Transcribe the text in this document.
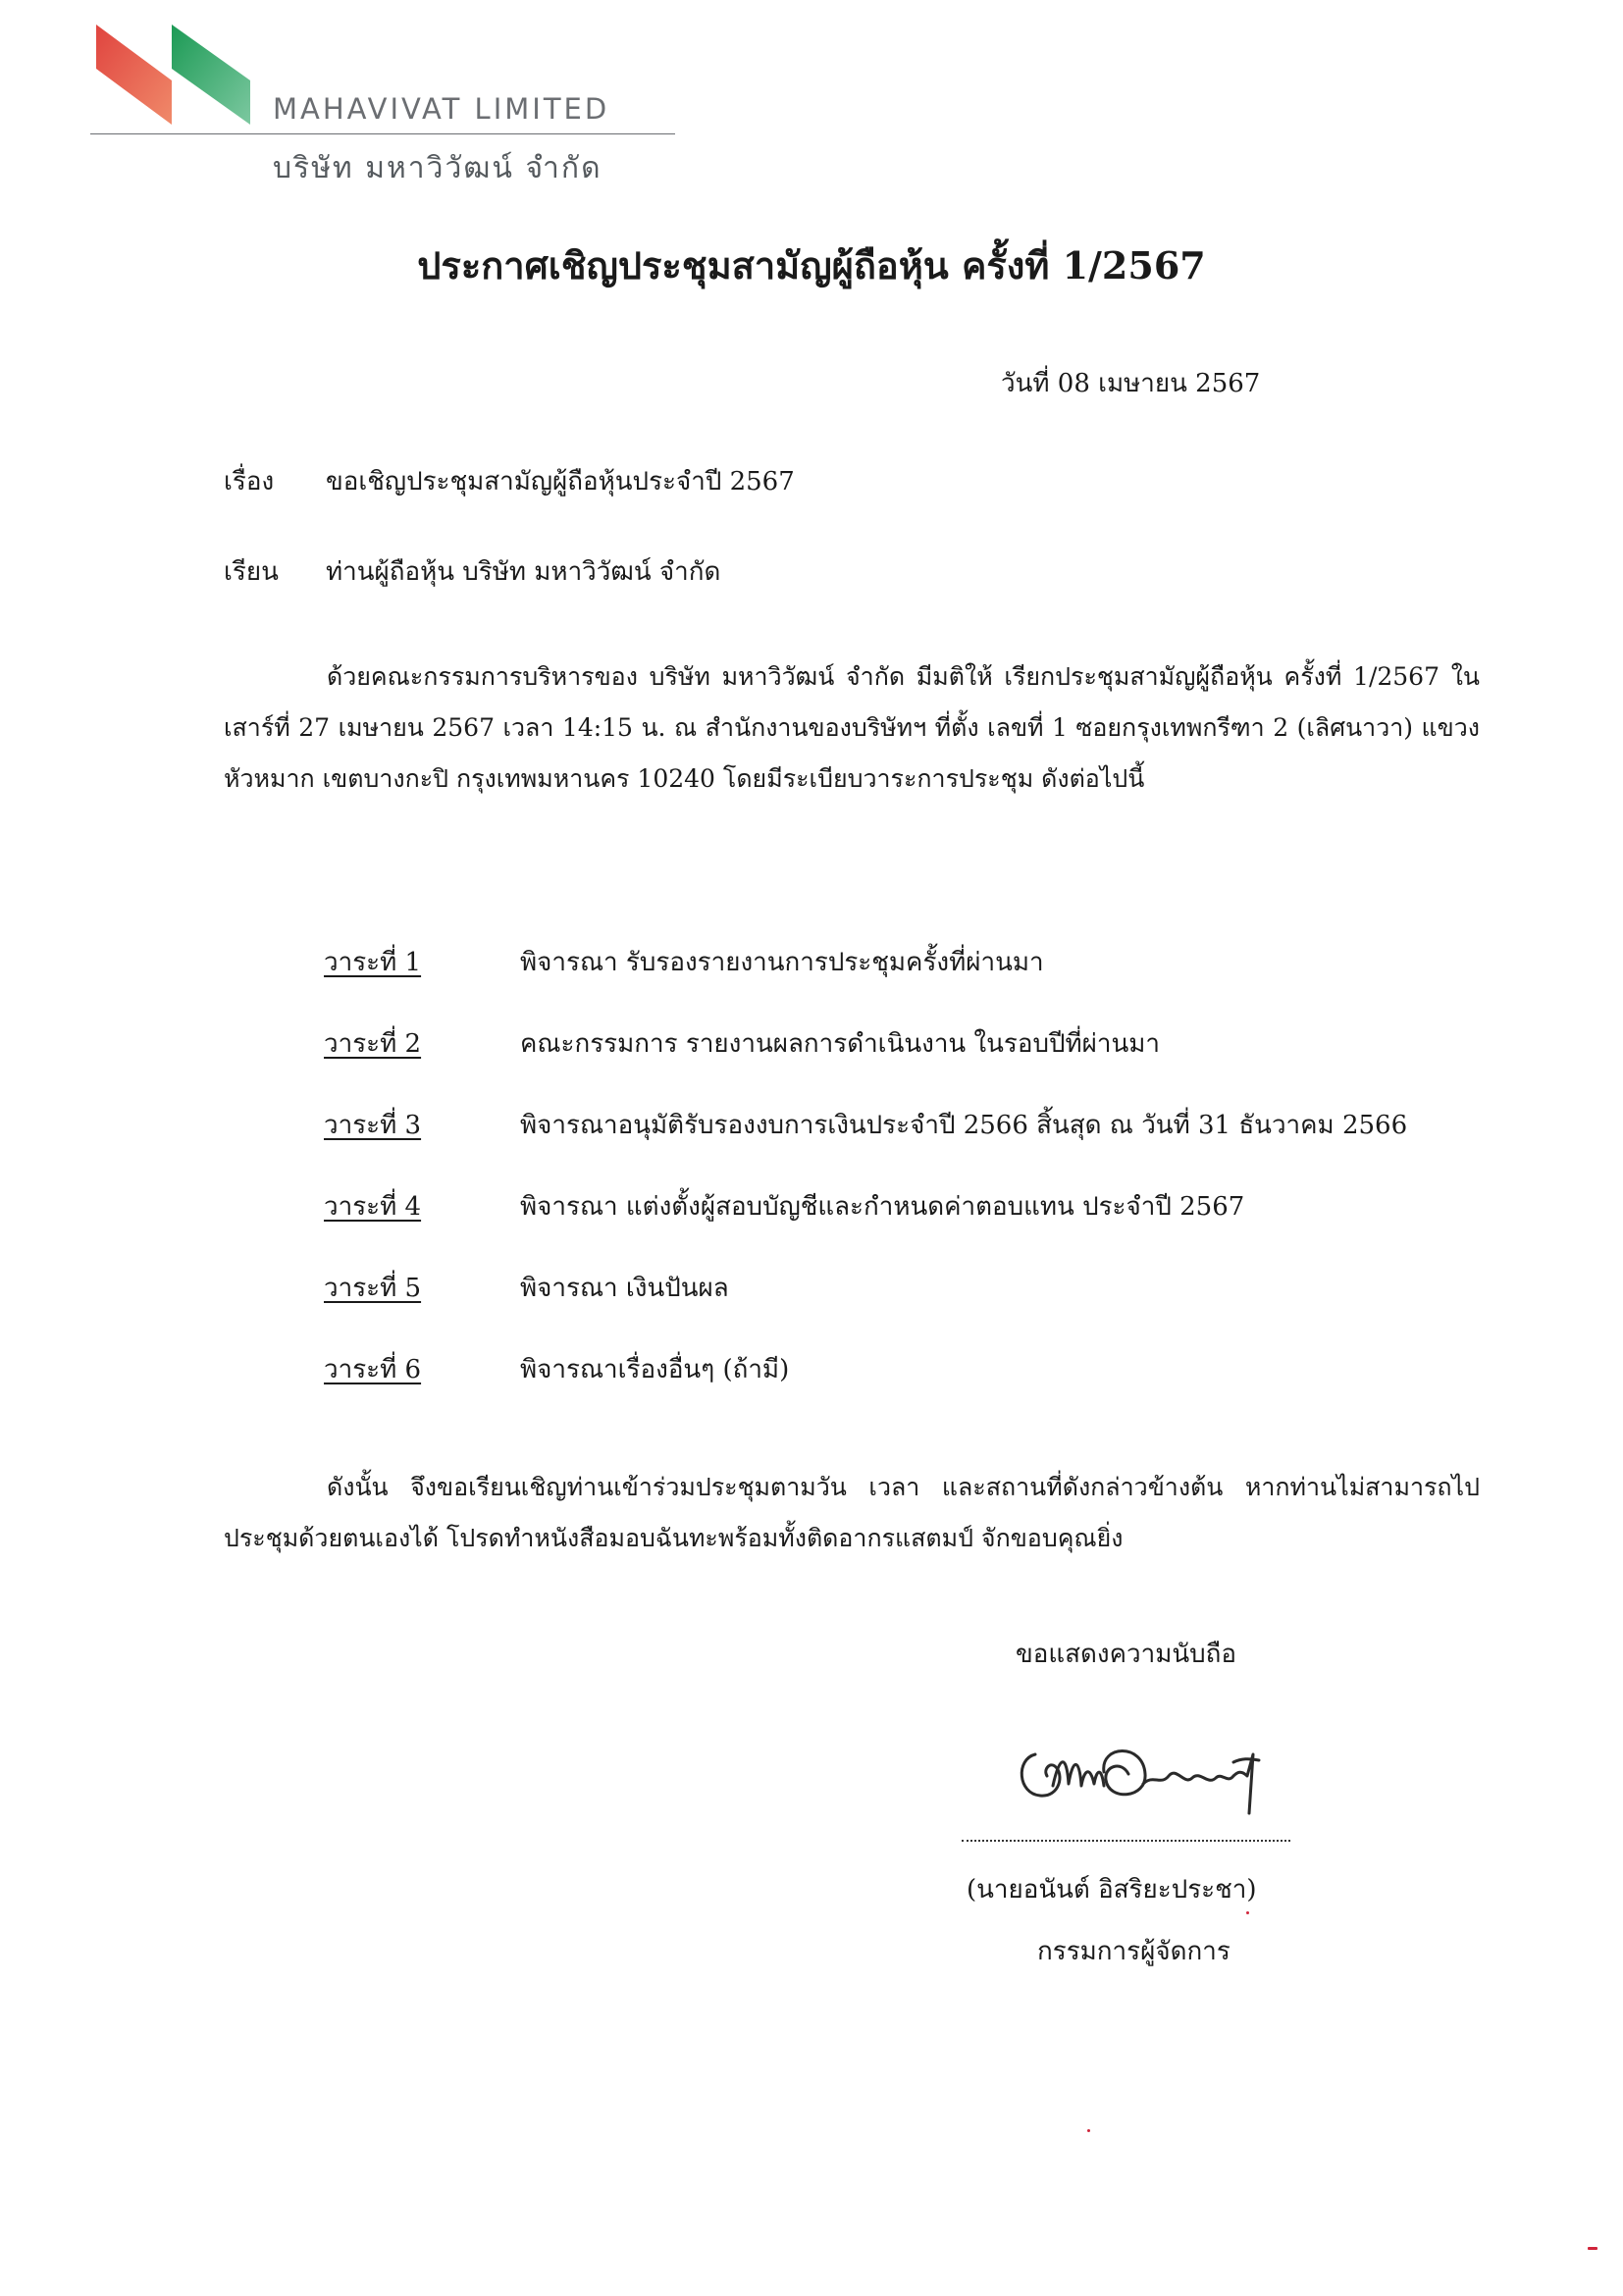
MAHAVIVAT LIMITED
บริษัท มหาวิวัฒน์ จำกัด
ประกาศเชิญประชุมสามัญผู้ถือหุ้น ครั้งที่ 1/2567
วันที่ 08 เมษายน 2567
เรื่อง ขอเชิญประชุมสามัญผู้ถือหุ้นประจำปี 2567
เรียน ท่านผู้ถือหุ้น บริษัท มหาวิวัฒน์ จำกัด
ด้วยคณะกรรมการบริหารของ บริษัท มหาวิวัฒน์ จำกัด มีมติให้ เรียกประชุมสามัญผู้ถือหุ้น ครั้งที่ 1/2567 ในเสาร์ที่ 27 เมษายน 2567 เวลา 14:15 น. ณ สำนักงานของบริษัทฯ ที่ตั้ง เลขที่ 1 ซอยกรุงเทพกรีฑา 2 (เลิศนาวา) แขวงหัวหมาก เขตบางกะปิ กรุงเทพมหานคร 10240 โดยมีระเบียบวาระการประชุม ดังต่อไปนี้
วาระที่ 1	พิจารณา รับรองรายงานการประชุมครั้งที่ผ่านมา
วาระที่ 2	คณะกรรมการ รายงานผลการดำเนินงาน ในรอบปีที่ผ่านมา
วาระที่ 3	พิจารณาอนุมัติรับรองงบการเงินประจำปี 2566 สิ้นสุด ณ วันที่ 31 ธันวาคม 2566
วาระที่ 4	พิจารณา แต่งตั้งผู้สอบบัญชีและกำหนดค่าตอบแทน ประจำปี 2567
วาระที่ 5	พิจารณา เงินปันผล
วาระที่ 6	พิจารณาเรื่องอื่นๆ (ถ้ามี)
ดังนั้น จึงขอเรียนเชิญท่านเข้าร่วมประชุมตามวัน เวลา และสถานที่ดังกล่าวข้างต้น หากท่านไม่สามารถไปประชุมด้วยตนเองได้ โปรดทำหนังสือมอบฉันทะพร้อมทั้งติดอากรแสตมป์ จักขอบคุณยิ่ง
ขอแสดงความนับถือ
(นายอนันต์ อิสริยะประชา)
กรรมการผู้จัดการ
